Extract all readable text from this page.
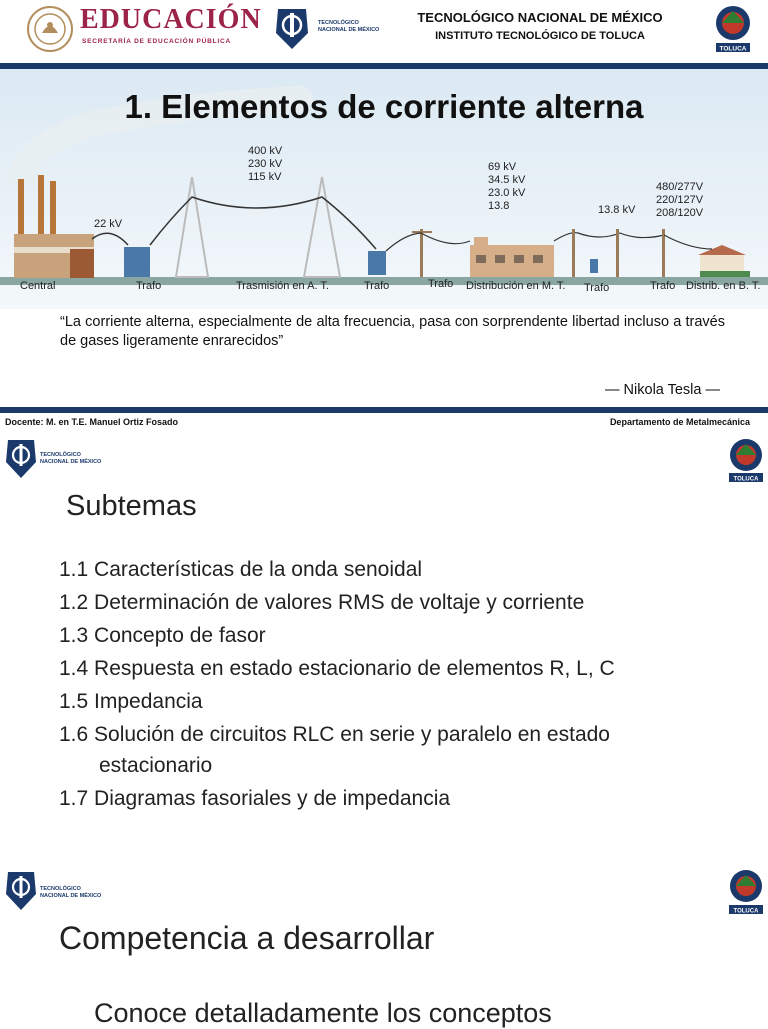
EDUCACIÓN
SECRETARÍA DE EDUCACIÓN PÚBLICA
TECNOLÓGICO
NACIONAL DE MÉXICO
TECNOLÓGICO NACIONAL DE MÉXICO
INSTITUTO TECNOLÓGICO DE TOLUCA
TOLUCA
1. Elementos de corriente alterna
400 kV
230 kV
115 kV
22 kV
69 kV
34.5 kV
23.0 kV
13.8	13.8 kV
480/277V
220/127V
208/120V
Central	Trafo	Trasmisión en A. T.	Trafo	Trafo Distribución en M. T. Trafo	Trafo Distrib. en B. T.
“La corriente alterna, especialmente de alta frecuencia, pasa con sorprendente libertad incluso a través de gases ligeramente enrarecidos”
— Nikola Tesla —
Docente: M. en T.E. Manuel Ortiz Fosado	Departamento de Metalmecánica
TECNOLÓGICO
NACIONAL DE MÉXICO
TOLUCA
Subtemas
1.1 Características de la onda senoidal
1.2 Determinación de valores RMS de voltaje y corriente
1.3 Concepto de fasor
1.4 Respuesta en estado estacionario de elementos R, L, C
1.5 Impedancia
1.6 Solución de circuitos RLC en serie y paralelo en estado
estacionario
1.7 Diagramas fasoriales y de impedancia
TECNOLÓGICO
NACIONAL DE MÉXICO
TOLUCA
Competencia a desarrollar
Conoce detalladamente los conceptos
